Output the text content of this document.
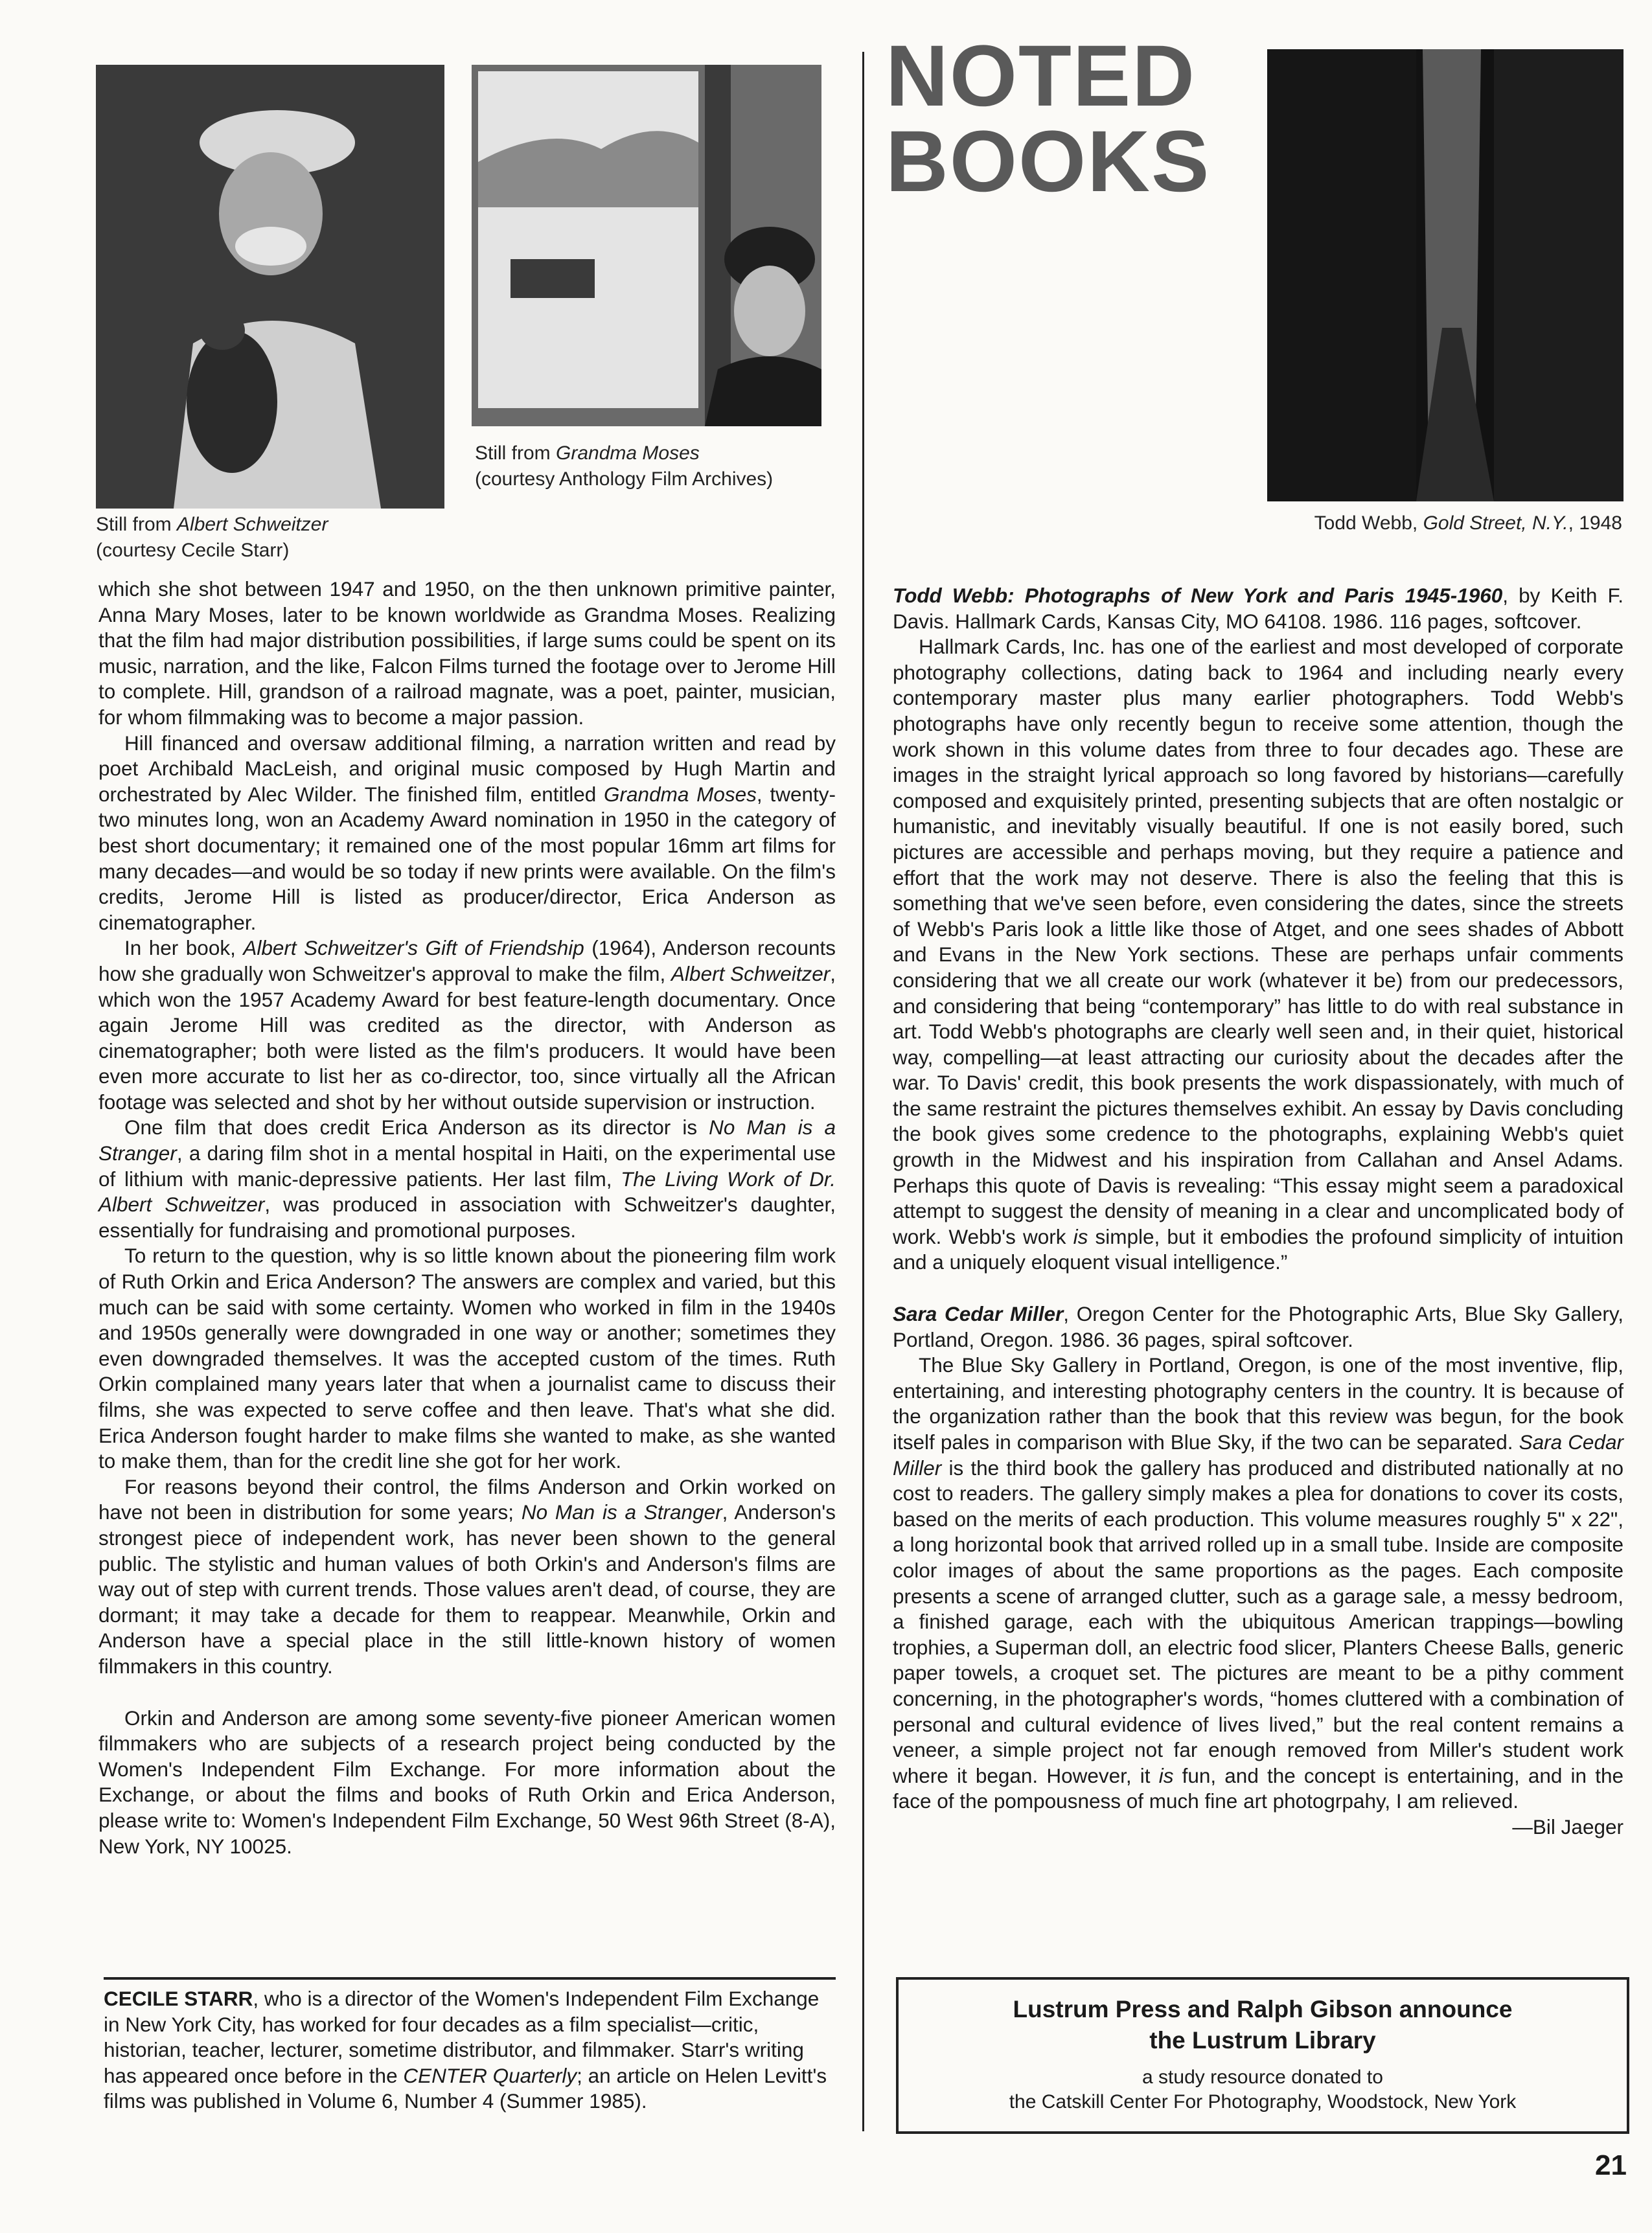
Still from Albert Schweitzer
(courtesy Cecile Starr)
Still from Grandma Moses
(courtesy Anthology Film Archives)
NOTED
BOOKS
Todd Webb, Gold Street, N.Y., 1948

which she shot between 1947 and 1950, on the then unknown primitive painter, Anna Mary Moses, later to be known worldwide as Grandma Moses. Realizing that the film had major distribution possibilities, if large sums could be spent on its music, narration, and the like, Falcon Films turned the footage over to Jerome Hill to complete. Hill, grandson of a railroad magnate, was a poet, painter, musician, for whom filmmaking was to become a major passion.

Hill financed and oversaw additional filming, a narration written and read by poet Archibald MacLeish, and original music composed by Hugh Martin and orchestrated by Alec Wilder. The finished film, entitled Grandma Moses, twenty-two minutes long, won an Academy Award nomination in 1950 in the category of best short documentary; it remained one of the most popular 16mm art films for many decades—and would be so today if new prints were available. On the film's credits, Jerome Hill is listed as producer/director, Erica Anderson as cinematographer.

In her book, Albert Schweitzer's Gift of Friendship (1964), Anderson recounts how she gradually won Schweitzer's approval to make the film, Albert Schweitzer, which won the 1957 Academy Award for best feature-length documentary. Once again Jerome Hill was credited as the director, with Anderson as cinematographer; both were listed as the film's producers. It would have been even more accurate to list her as co-director, too, since virtually all the African footage was selected and shot by her without outside supervision or instruction.

One film that does credit Erica Anderson as its director is No Man is a Stranger, a daring film shot in a mental hospital in Haiti, on the experimental use of lithium with manic-depressive patients. Her last film, The Living Work of Dr. Albert Schweitzer, was produced in association with Schweitzer's daughter, essentially for fundraising and promotional purposes.

To return to the question, why is so little known about the pioneering film work of Ruth Orkin and Erica Anderson? The answers are complex and varied, but this much can be said with some certainty. Women who worked in film in the 1940s and 1950s generally were downgraded in one way or another; sometimes they even downgraded themselves. It was the accepted custom of the times. Ruth Orkin complained many years later that when a journalist came to discuss their films, she was expected to serve coffee and then leave. That's what she did. Erica Anderson fought harder to make films she wanted to make, as she wanted to make them, than for the credit line she got for her work.

For reasons beyond their control, the films Anderson and Orkin worked on have not been in distribution for some years; No Man is a Stranger, Anderson's strongest piece of independent work, has never been shown to the general public. The stylistic and human values of both Orkin's and Anderson's films are way out of step with current trends. Those values aren't dead, of course, they are dormant; it may take a decade for them to reappear. Meanwhile, Orkin and Anderson have a special place in the still little-known history of women filmmakers in this country.

Orkin and Anderson are among some seventy-five pioneer American women filmmakers who are subjects of a research project being conducted by the Women's Independent Film Exchange. For more information about the Exchange, or about the films and books of Ruth Orkin and Erica Anderson, please write to: Women's Independent Film Exchange, 50 West 96th Street (8-A), New York, NY 10025.

CECILE STARR, who is a director of the Women's Independent Film Exchange in New York City, has worked for four decades as a film specialist—critic, historian, teacher, lecturer, sometime distributor, and filmmaker. Starr's writing has appeared once before in the CENTER Quarterly; an article on Helen Levitt's films was published in Volume 6, Number 4 (Summer 1985).

Todd Webb: Photographs of New York and Paris 1945-1960, by Keith F. Davis. Hallmark Cards, Kansas City, MO 64108. 1986. 116 pages, softcover.

Hallmark Cards, Inc. has one of the earliest and most developed of corporate photography collections, dating back to 1964 and including nearly every contemporary master plus many earlier photographers. Todd Webb's photographs have only recently begun to receive some attention, though the work shown in this volume dates from three to four decades ago. These are images in the straight lyrical approach so long favored by historians—carefully composed and exquisitely printed, presenting subjects that are often nostalgic or humanistic, and inevitably visually beautiful. If one is not easily bored, such pictures are accessible and perhaps moving, but they require a patience and effort that the work may not deserve. There is also the feeling that this is something that we've seen before, even considering the dates, since the streets of Webb's Paris look a little like those of Atget, and one sees shades of Abbott and Evans in the New York sections. These are perhaps unfair comments considering that we all create our work (whatever it be) from our predecessors, and considering that being “contemporary” has little to do with real substance in art. Todd Webb's photographs are clearly well seen and, in their quiet, historical way, compelling—at least attracting our curiosity about the decades after the war. To Davis' credit, this book presents the work dispassionately, with much of the same restraint the pictures themselves exhibit. An essay by Davis concluding the book gives some credence to the photographs, explaining Webb's quiet growth in the Midwest and his inspiration from Callahan and Ansel Adams. Perhaps this quote of Davis is revealing: “This essay might seem a paradoxical attempt to suggest the density of meaning in a clear and uncomplicated body of work. Webb's work is simple, but it embodies the profound simplicity of intuition and a uniquely eloquent visual intelligence.”

Sara Cedar Miller, Oregon Center for the Photographic Arts, Blue Sky Gallery, Portland, Oregon. 1986. 36 pages, spiral softcover.

The Blue Sky Gallery in Portland, Oregon, is one of the most inventive, flip, entertaining, and interesting photography centers in the country. It is because of the organization rather than the book that this review was begun, for the book itself pales in comparison with Blue Sky, if the two can be separated. Sara Cedar Miller is the third book the gallery has produced and distributed nationally at no cost to readers. The gallery simply makes a plea for donations to cover its costs, based on the merits of each production. This volume measures roughly 5" x 22", a long horizontal book that arrived rolled up in a small tube. Inside are composite color images of about the same proportions as the pages. Each composite presents a scene of arranged clutter, such as a garage sale, a messy bedroom, a finished garage, each with the ubiquitous American trappings—bowling trophies, a Superman doll, an electric food slicer, Planters Cheese Balls, generic paper towels, a croquet set. The pictures are meant to be a pithy comment concerning, in the photographer's words, “homes cluttered with a combination of personal and cultural evidence of lives lived,” but the real content remains a veneer, a simple project not far enough removed from Miller's student work where it began. However, it is fun, and the concept is entertaining, and in the face of the pompousness of much fine art photogrpahy, I am relieved.

—Bil Jaeger

Lustrum Press and Ralph Gibson announce
the Lustrum Library
a study resource donated to
the Catskill Center For Photography, Woodstock, New York
21
